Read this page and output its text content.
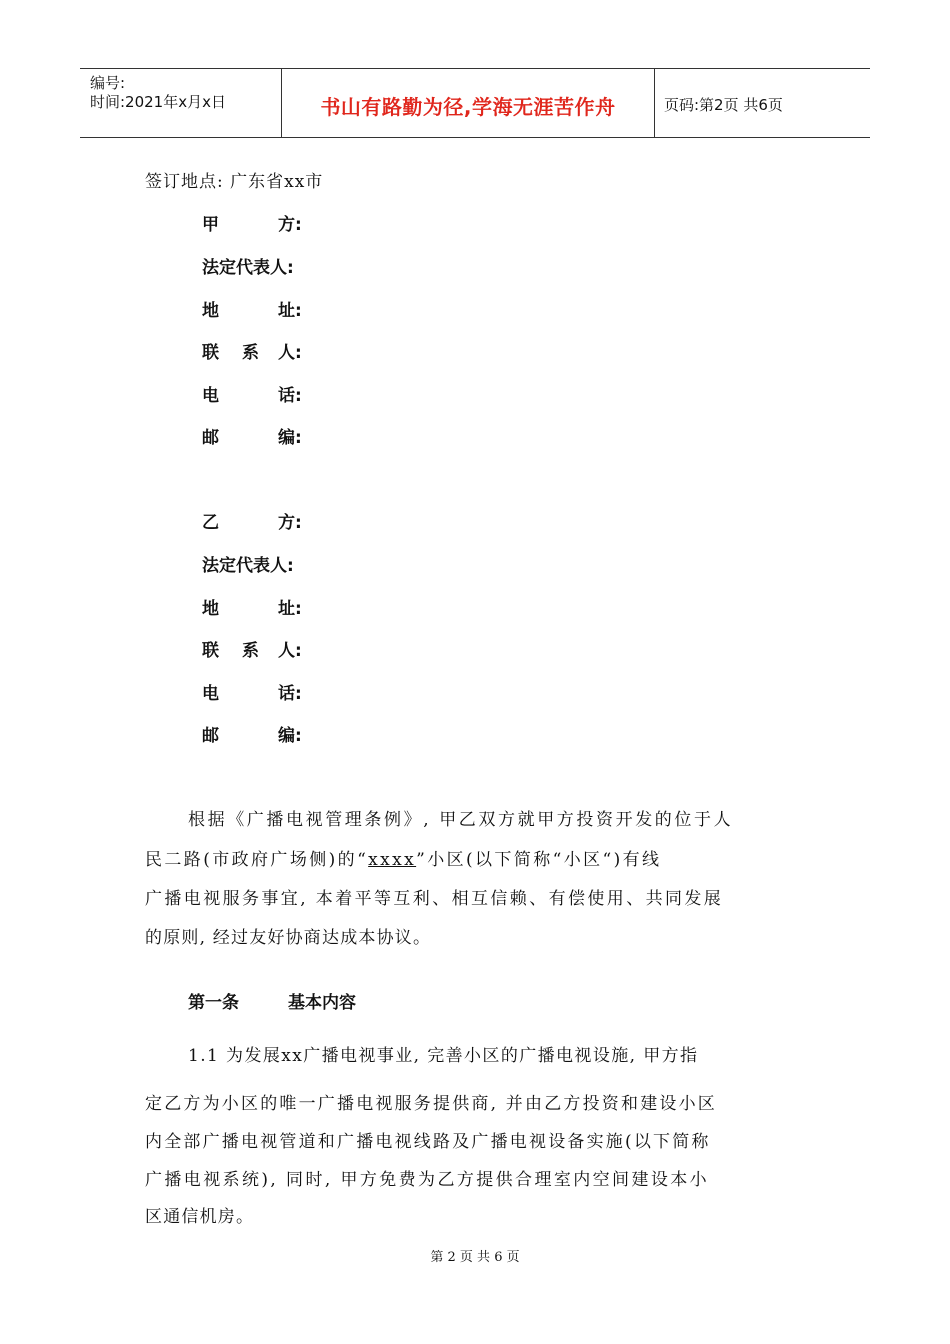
编号:
时间:2021年x月x日	书山有路勤为径,学海无涯苦作舟	页码:第2页 共6页
签订地点: 广东省xx市
甲	方:
法定代表人:
地	址:
联 系 人:
电	话:
邮	编:
乙	方:
法定代表人:
地	址:
联 系 人:
电	话:
邮	编:
根据《广播电视管理条例》, 甲乙双方就甲方投资开发的位于人
民二路(市政府广场侧)的“xxxx”小区(以下简称“小区“)有线
广播电视服务事宜, 本着平等互利、相互信赖、有偿使用、共同发展
的原则, 经过友好协商达成本协议。
第一条	基本内容
1.1 为发展xx广播电视事业, 完善小区的广播电视设施, 甲方指
定乙方为小区的唯一广播电视服务提供商, 并由乙方投资和建设小区
内全部广播电视管道和广播电视线路及广播电视设备实施(以下简称
广播电视系统), 同时, 甲方免费为乙方提供合理室内空间建设本小
区通信机房。
第 2 页 共 6 页
